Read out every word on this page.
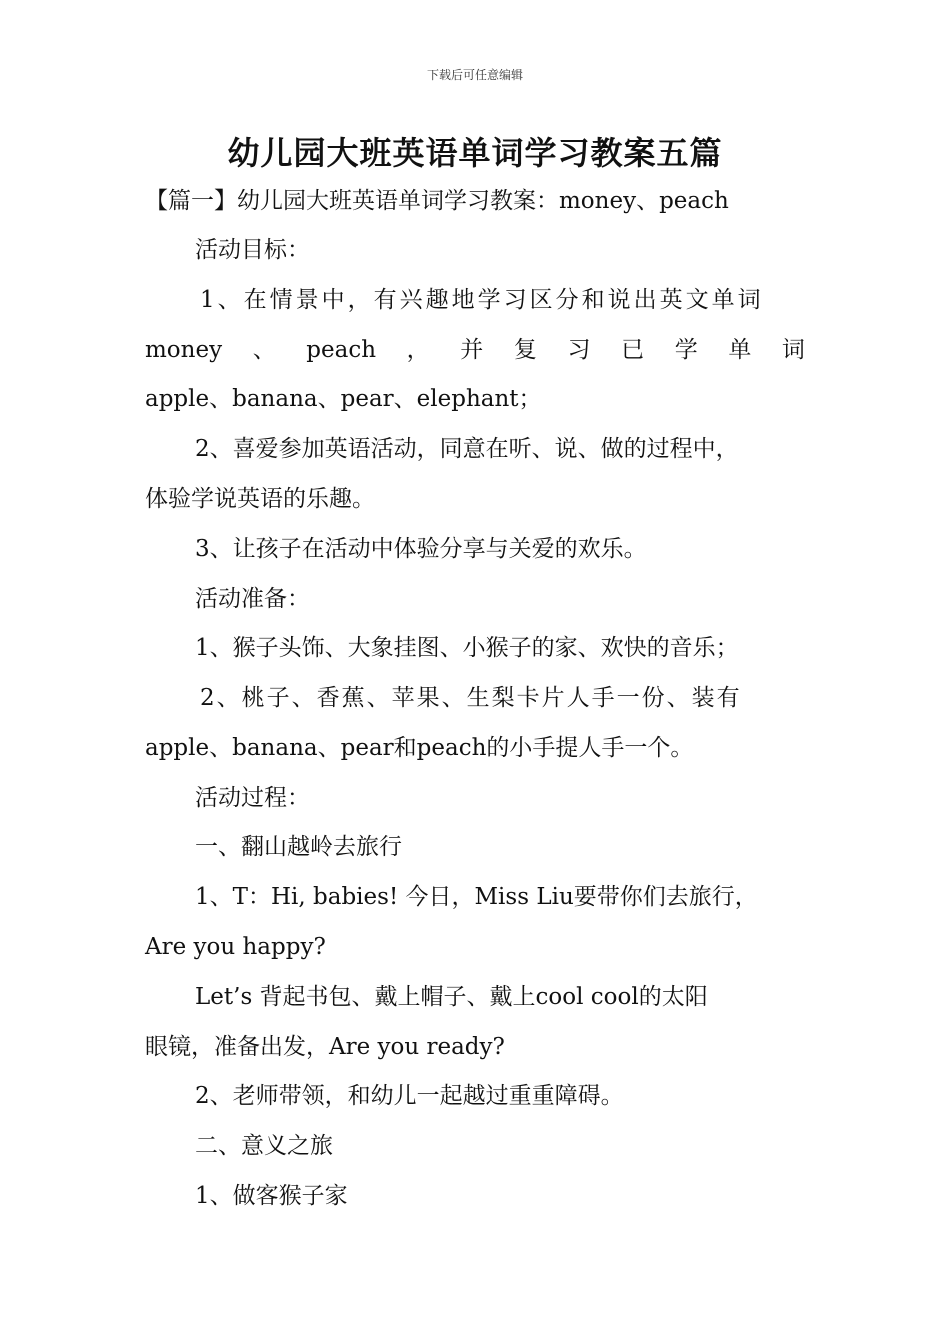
下载后可任意编辑
幼儿园大班英语单词学习教案五篇
【篇一】幼儿园大班英语单词学习教案：money、peach
活动目标：
1、在情景中，有兴趣地学习区分和说出英文单词
money 、 peach ， 并 复 习 已 学 单 词
apple、banana、pear、elephant；
2、喜爱参加英语活动，同意在听、说、做的过程中，
体验学说英语的乐趣。
3、让孩子在活动中体验分享与关爱的欢乐。
活动准备：
1、猴子头饰、大象挂图、小猴子的家、欢快的音乐；
2、桃子、香蕉、苹果、生梨卡片人手一份、装有
apple、banana、pear和peach的小手提人手一个。
活动过程：
一、翻山越岭去旅行
1、T：Hi, babies! 今日，Miss Liu要带你们去旅行，
Are you happy?
Let’s 背起书包、戴上帽子、戴上cool cool的太阳
眼镜，准备出发，Are you ready?
2、老师带领，和幼儿一起越过重重障碍。
二、意义之旅
1、做客猴子家
